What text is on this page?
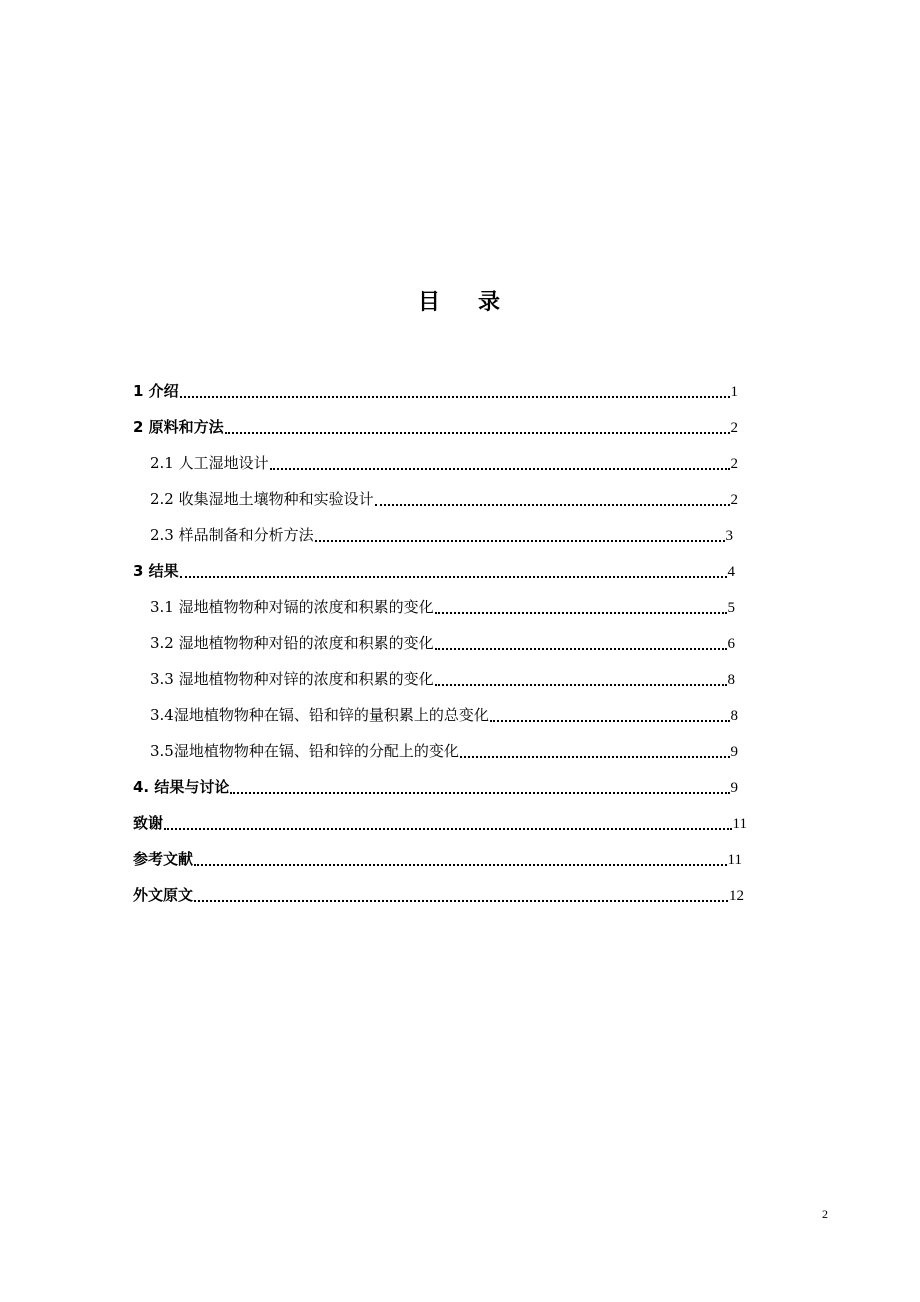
目 录
1 介绍	1
2 原料和方法	2
2.1 人工湿地设计	2
2.2 收集湿地土壤物种和实验设计	2
2.3 样品制备和分析方法	3
3 结果	4
3.1 湿地植物物种对镉的浓度和积累的变化	5
3.2 湿地植物物种对铅的浓度和积累的变化	6
3.3 湿地植物物种对锌的浓度和积累的变化	8
3.4湿地植物物种在镉、铅和锌的量积累上的总变化	8
3.5湿地植物物种在镉、铅和锌的分配上的变化	9
4. 结果与讨论	9
致谢	11
参考文献	11
外文原文	12
2
